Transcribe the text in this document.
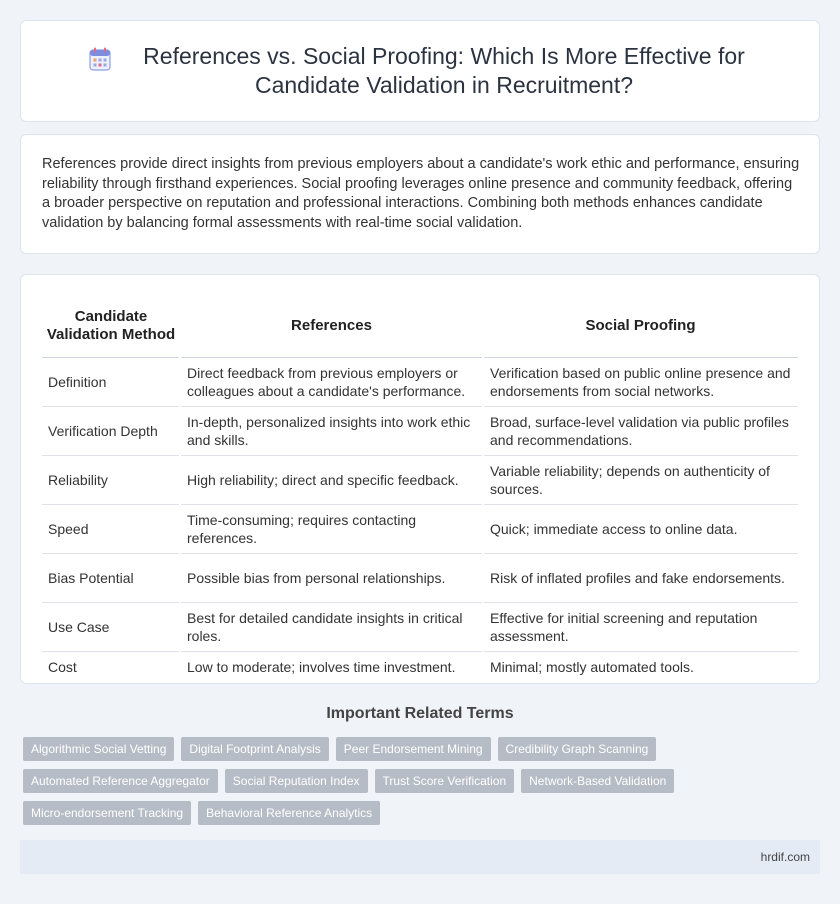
References vs. Social Proofing: Which Is More Effective for Candidate Validation in Recruitment?

References provide direct insights from previous employers about a candidate's work ethic and performance, ensuring reliability through firsthand experiences. Social proofing leverages online presence and community feedback, offering a broader perspective on reputation and professional interactions. Combining both methods enhances candidate validation by balancing formal assessments with real-time social validation.

Candidate Validation Method	References	Social Proofing
Definition	Direct feedback from previous employers or colleagues about a candidate's performance.	Verification based on public online presence and endorsements from social networks.
Verification Depth	In-depth, personalized insights into work ethic and skills.	Broad, surface-level validation via public profiles and recommendations.
Reliability	High reliability; direct and specific feedback.	Variable reliability; depends on authenticity of sources.
Speed	Time-consuming; requires contacting references.	Quick; immediate access to online data.
Bias Potential	Possible bias from personal relationships.	Risk of inflated profiles and fake endorsements.
Use Case	Best for detailed candidate insights in critical roles.	Effective for initial screening and reputation assessment.
Cost	Low to moderate; involves time investment.	Minimal; mostly automated tools.
Important Related Terms
Algorithmic Social Vetting	Digital Footprint Analysis	Peer Endorsement Mining	Credibility Graph Scanning
Automated Reference Aggregator	Social Reputation Index	Trust Score Verification	Network-Based Validation
Micro-endorsement Tracking	Behavioral Reference Analytics
hrdif.com
